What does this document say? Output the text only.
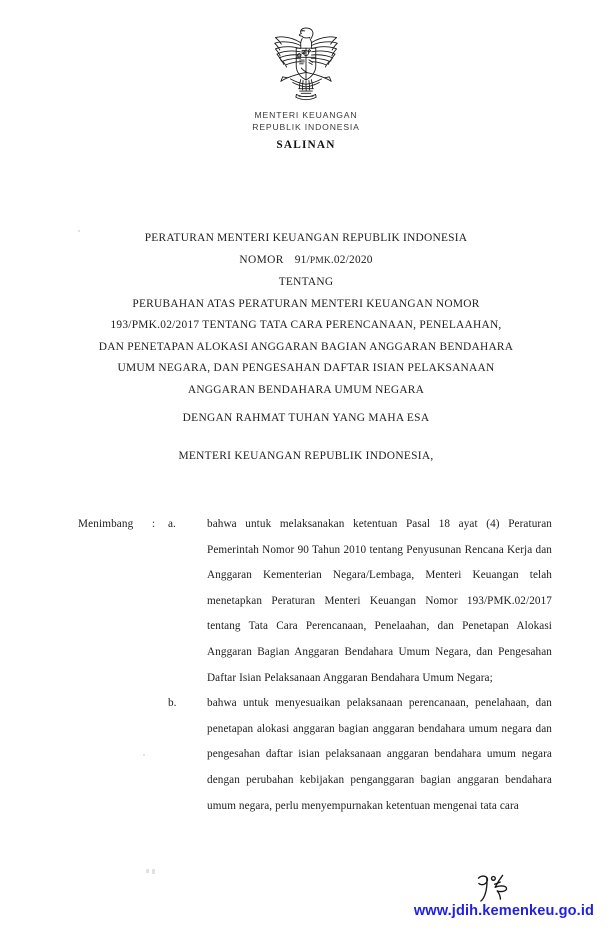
MENTERI KEUANGAN
REPUBLIK INDONESIA
SALINAN
PERATURAN MENTERI KEUANGAN REPUBLIK INDONESIA
NOMOR 91/PMK.02/2020
TENTANG
PERUBAHAN ATAS PERATURAN MENTERI KEUANGAN NOMOR
193/PMK.02/2017 TENTANG TATA CARA PERENCANAAN, PENELAAHAN,
DAN PENETAPAN ALOKASI ANGGARAN BAGIAN ANGGARAN BENDAHARA
UMUM NEGARA, DAN PENGESAHAN DAFTAR ISIAN PELAKSANAAN
ANGGARAN BENDAHARA UMUM NEGARA
DENGAN RAHMAT TUHAN YANG MAHA ESA
MENTERI KEUANGAN REPUBLIK INDONESIA,
Menimbang	:	a.	bahwa untuk melaksanakan ketentuan Pasal 18 ayat (4) Peraturan Pemerintah Nomor 90 Tahun 2010 tentang Penyusunan Rencana Kerja dan Anggaran Kementerian Negara/Lembaga, Menteri Keuangan telah menetapkan Peraturan Menteri Keuangan Nomor 193/PMK.02/2017 tentang Tata Cara Perencanaan, Penelaahan, dan Penetapan Alokasi Anggaran Bagian Anggaran Bendahara Umum Negara, dan Pengesahan Daftar Isian Pelaksanaan Anggaran Bendahara Umum Negara;
b.	bahwa untuk menyesuaikan pelaksanaan perencanaan, penelahaan, dan penetapan alokasi anggaran bagian anggaran bendahara umum negara dan pengesahan daftar isian pelaksanaan anggaran bendahara umum negara dengan perubahan kebijakan penganggaran bagian anggaran bendahara umum negara, perlu menyempurnakan ketentuan mengenai tata cara
www.jdih.kemenkeu.go.id
